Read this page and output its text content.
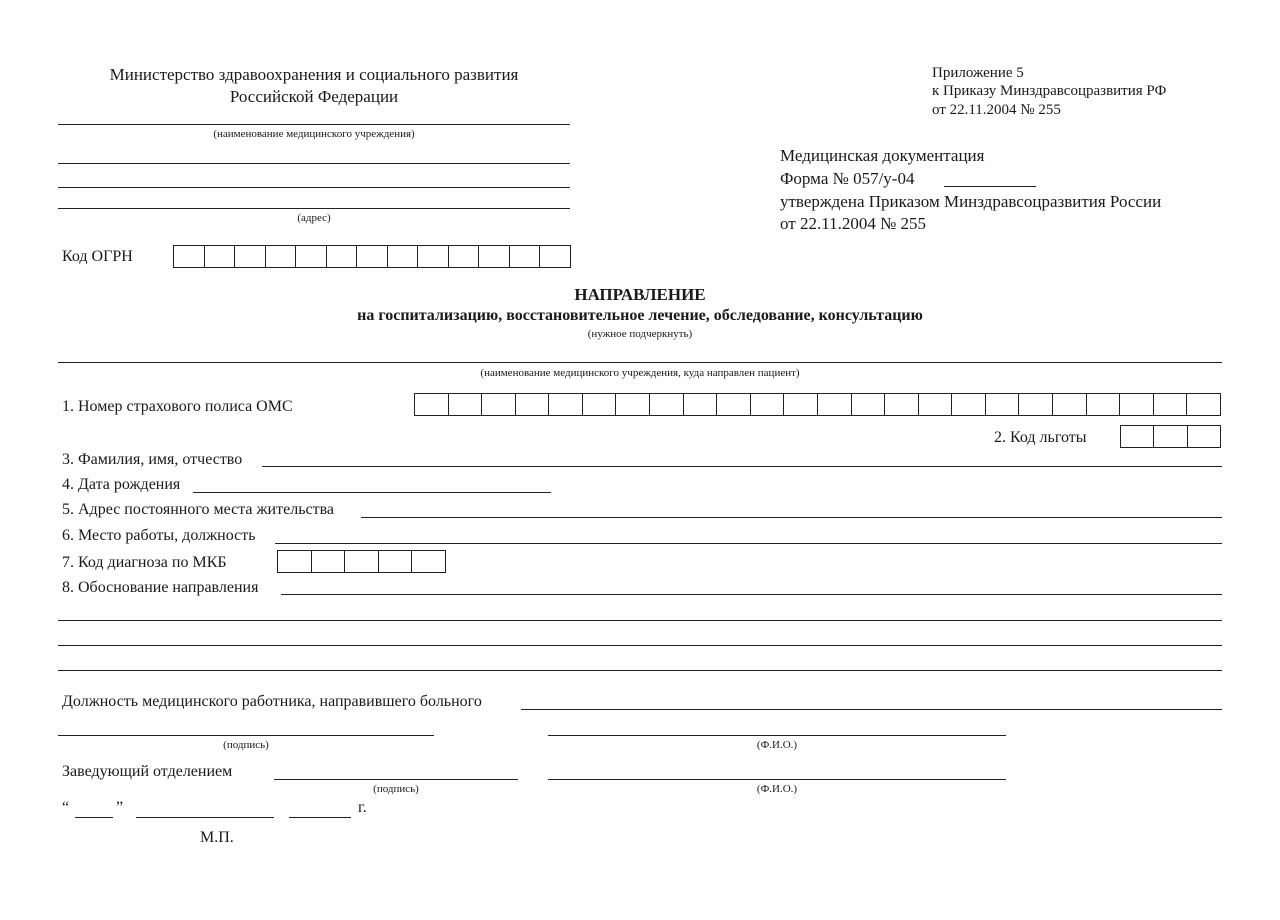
Министерство здравоохранения и социального развития
Российской Федерации
(наименование медицинского учреждения)
(адрес)
Код ОГРН
Приложение 5
к Приказу Минздравсоцразвития РФ
от 22.11.2004 № 255
Медицинская документация
Форма № 057/у-04
утверждена Приказом Минздравсоцразвития России
от 22.11.2004 № 255
НАПРАВЛЕНИЕ
на госпитализацию, восстановительное лечение, обследование, консультацию
(нужное подчеркнуть)
(наименование медицинского учреждения, куда направлен пациент)
1. Номер страхового полиса ОМС
2. Код льготы
3. Фамилия, имя, отчество
4. Дата рождения
5. Адрес постоянного места жительства
6. Место работы, должность
7. Код диагноза по МКБ
8. Обоснование направления
Должность медицинского работника, направившего больного
(подпись)	(Ф.И.О.)
Заведующий отделением
(подпись)	(Ф.И.О.)
“	”	г.
М.П.
